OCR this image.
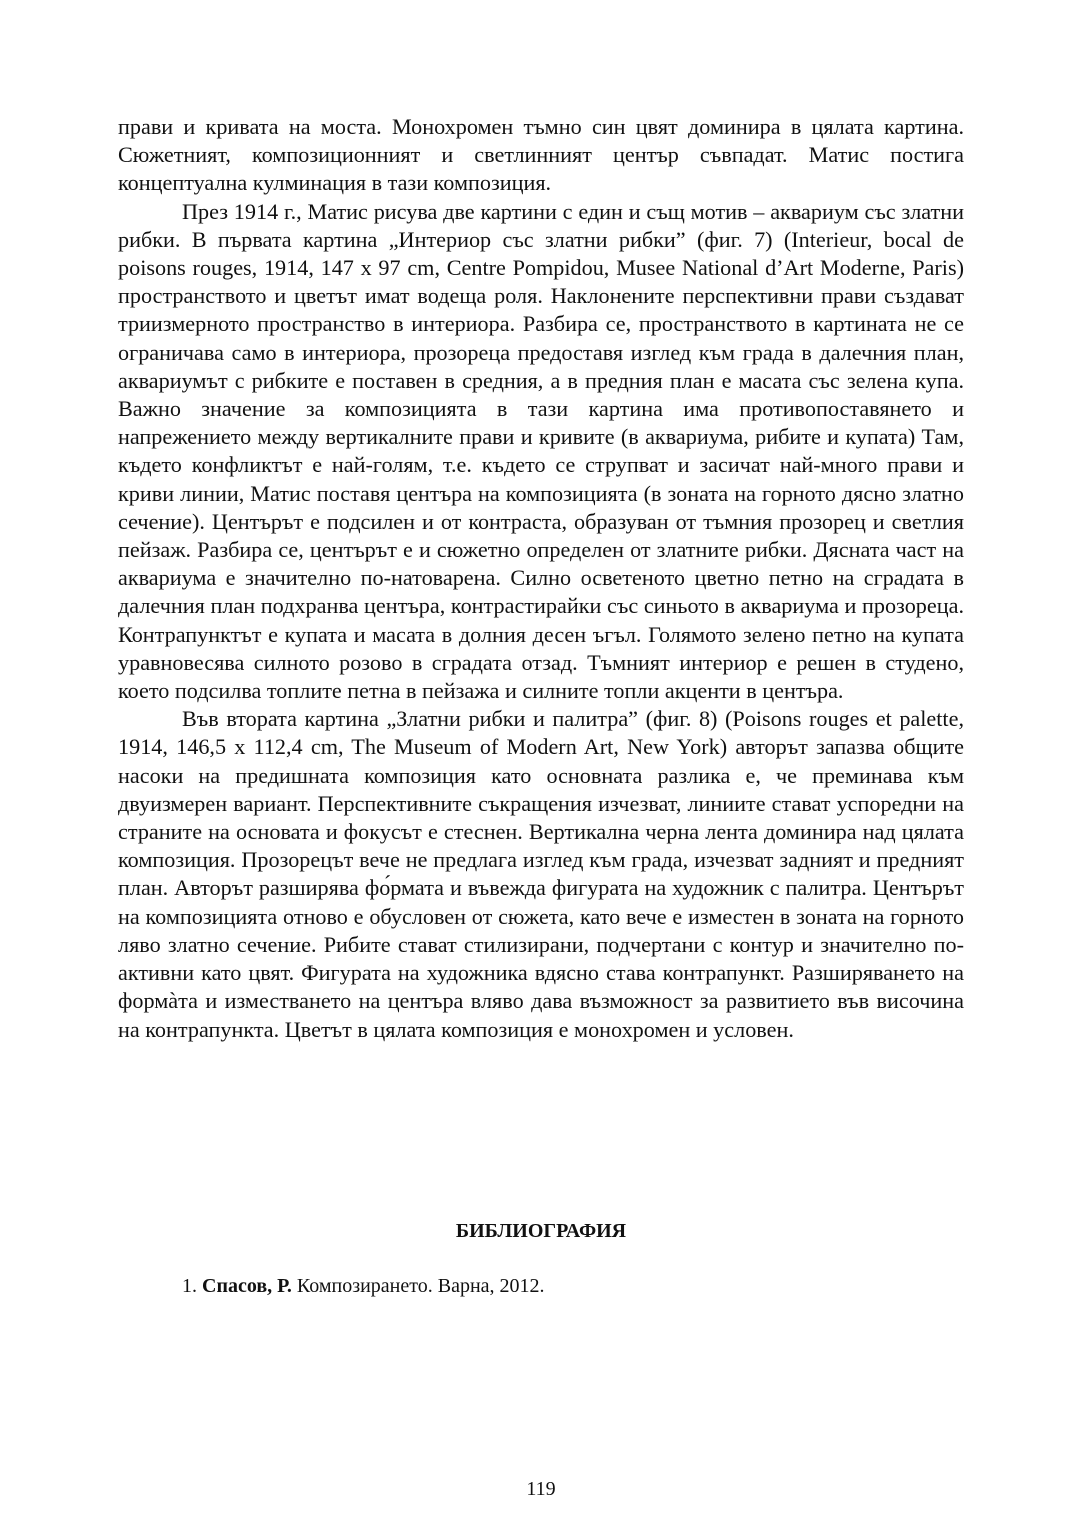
прави и кривата на моста. Монохромен тъмно син цвят доминира в цялата картина. Сюжетният, композиционният и светлинният център съвпадат. Матис постига концептуална кулминация в тази композиция.

През 1914 г., Матис рисува две картини с един и същ мотив – аквариум със златни рибки. В първата картина „Интериор със златни рибки” (фиг. 7) (Interieur, bocal de poisons rouges, 1914, 147 x 97 cm, Centre Pompidou, Musee National d’Art Moderne, Paris) пространството и цветът имат водеща роля. Наклонените перспективни прави създават триизмерното пространство в интериора. Разбира се, пространството в картината не се ограничава само в интериора, прозореца предоставя изглед към града в далечния план, аквариумът с рибките е поставен в средния, а в предния план е масата със зелена купа. Важно значение за композицията в тази картина има противопоставянето и напрежението между вертикалните прави и кривите (в аквариума, рибите и купата) Там, където конфликтът е най-голям, т.е. където се струпват и засичат най-много прави и криви линии, Матис поставя центъра на композицията (в зоната на горното дясно златно сечение). Центърът е подсилен и от контраста, образуван от тъмния прозорец и светлия пейзаж. Разбира се, центърът е и сюжетно определен от златните рибки. Дясната част на аквариума е значително по-натоварена. Силно осветеното цветно петно на сградата в далечния план подхранва центъра, контрастирайки със синьото в аквариума и прозореца. Контрапунктът е купата и масата в долния десен ъгъл. Голямото зелено петно на купата уравновесява силното розово в сградата отзад. Тъмният интериор е решен в студено, което подсилва топлите петна в пейзажа и силните топли акценти в центъра.

Във втората картина „Златни рибки и палитра” (фиг. 8) (Poisons rouges et palette, 1914, 146,5 x 112,4 cm, The Museum of Modern Art, New York) авторът запазва общите насоки на предишната композиция като основната разлика е, че преминава към двуизмерен вариант. Перспективните съкращения изчезват, линиите стават успоредни на страните на основата и фокусът е стеснен. Вертикална черна лента доминира над цялата композиция. Прозорецът вече не предлага изглед към града, изчезват задният и предният план. Авторът разширява фо́рмата и въвежда фигурата на художник с палитра. Центърът на композицията отново е обусловен от сюжета, като вече е изместен в зоната на горното ляво златно сечение. Рибите стават стилизирани, подчертани с контур и значително по-активни като цвят. Фигурата на художника вдясно става контрапункт. Разширяването на формàта и изместването на центъра вляво дава възможност за развитието във височина на контрапункта. Цветът в цялата композиция е монохромен и условен.

БИБЛИОГРАФИЯ
1. Спасов, Р. Композирането. Варна, 2012.
119
